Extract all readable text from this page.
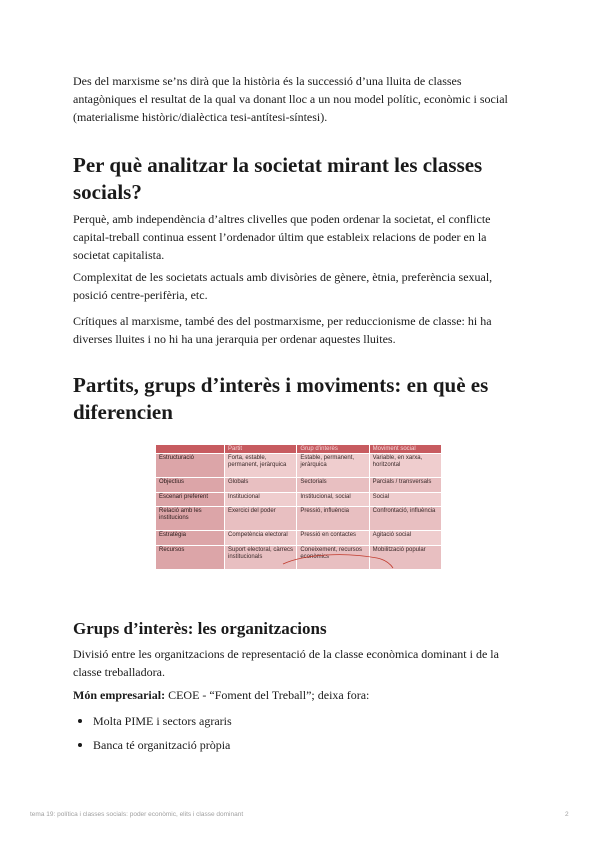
Des del marxisme se’ns dirà que la història és la successió d’una lluita de classes antagòniques el resultat de la qual va donant lloc a un nou model polític, econòmic i social (materialisme històric/dialèctica tesi-antítesi-síntesi).

Per què analitzar la societat mirant les classes socials?

Perquè, amb independència d’altres clivelles que poden ordenar la societat, el conflicte capital-treball continua essent l’ordenador últim que estableix relacions de poder en la societat capitalista.

Complexitat de les societats actuals amb divisòries de gènere, ètnia, preferència sexual, posició centre-perifèria, etc.

Crítiques al marxisme, també des del postmarxisme, per reduccionisme de classe: hi ha diverses lluites i no hi ha una jerarquia per ordenar aquestes lluites.

Partits, grups d’interès i moviments: en què es diferencien
	Partit	Grup d'interès	Moviment social
Estructuració	Forta, estable, permanent, jeràrquica	Estable, permanent, jeràrquica	Variable, en xarxa, horitzontal
Objectius	Globals	Sectorials	Parcials / transversals
Escenari preferent	Institucional	Institucional, social	Social
Relació amb les institucions	Exercici del poder	Pressió, influència	Confrontació, influència
Estratègia	Competència electoral	Pressió en contactes	Agitació social
Recursos	Suport electoral, càrrecs institucionals	Coneixement, recursos econòmics	Mobilització popular
Grups d’interès: les organitzacions

Divisió entre les organitzacions de representació de la classe econòmica dominant i de la classe treballadora.

Món empresarial: CEOE - “Foment del Treball”; deixa fora:

Molta PIME i sectors agraris
Banca té organització pròpia
tema 19: política i classes socials: poder econòmic, elits i classe dominant	2
